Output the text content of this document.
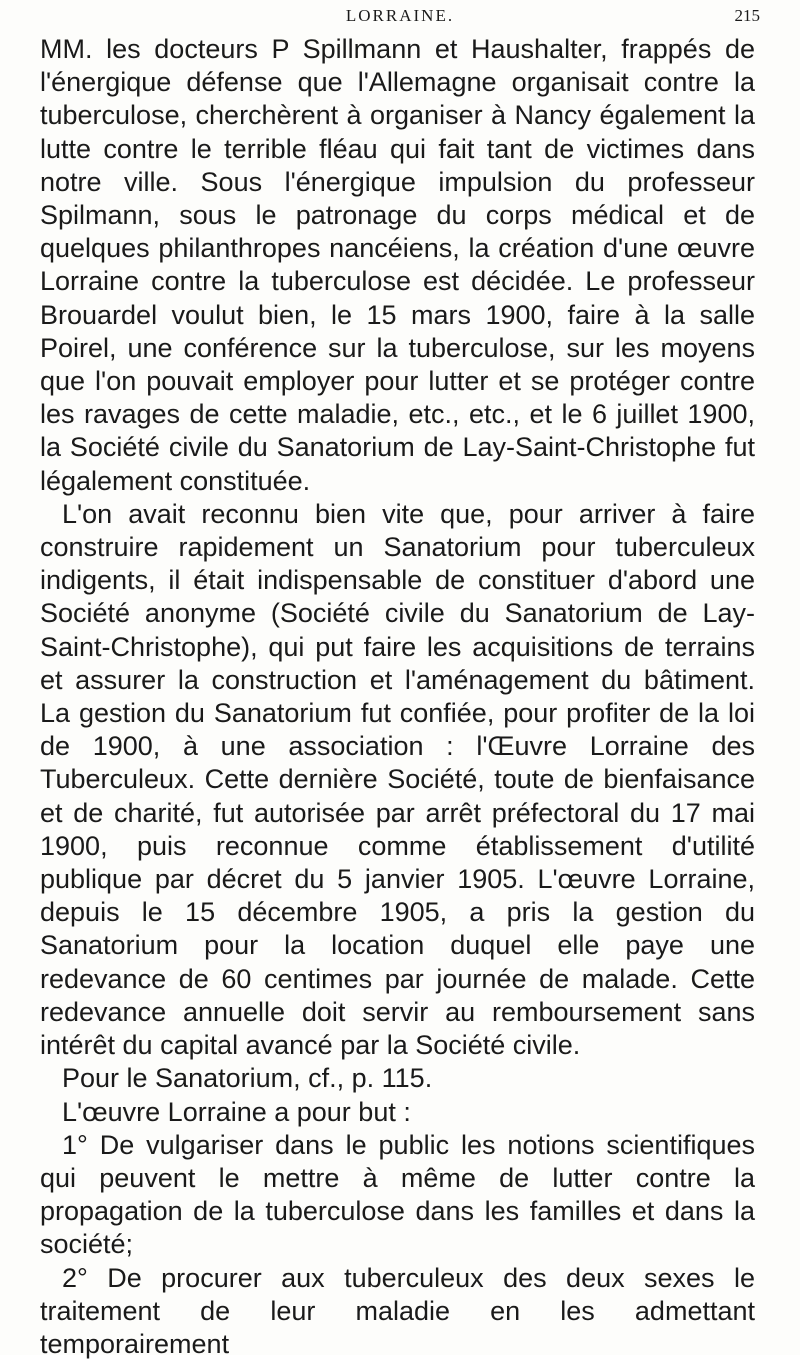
LORRAINE.	215

MM. les docteurs P Spillmann et Haushalter, frappés de l'énergique défense que l'Allemagne organisait contre la tuberculose, cherchèrent à organiser à Nancy également la lutte contre le terrible fléau qui fait tant de victimes dans notre ville. Sous l'énergique impulsion du professeur Spilmann, sous le patronage du corps médical et de quelques philanthropes nancéiens, la création d'une œuvre Lorraine contre la tuberculose est décidée. Le professeur Brouardel voulut bien, le 15 mars 1900, faire à la salle Poirel, une conférence sur la tuberculose, sur les moyens que l'on pouvait employer pour lutter et se protéger contre les ravages de cette maladie, etc., etc., et le 6 juillet 1900, la Société civile du Sanatorium de Lay-Saint-Christophe fut légalement constituée.

L'on avait reconnu bien vite que, pour arriver à faire construire rapidement un Sanatorium pour tuberculeux indigents, il était indispensable de constituer d'abord une Société anonyme (Société civile du Sanatorium de Lay-Saint-Christophe), qui put faire les acquisitions de terrains et assurer la construction et l'aménagement du bâtiment. La gestion du Sanatorium fut confiée, pour profiter de la loi de 1900, à une association : l'Œuvre Lorraine des Tuberculeux. Cette dernière Société, toute de bienfaisance et de charité, fut autorisée par arrêt préfectoral du 17 mai 1900, puis reconnue comme établissement d'utilité publique par décret du 5 janvier 1905. L'œuvre Lorraine, depuis le 15 décembre 1905, a pris la gestion du Sanatorium pour la location duquel elle paye une redevance de 60 centimes par journée de malade. Cette redevance annuelle doit servir au remboursement sans intérêt du capital avancé par la Société civile.

Pour le Sanatorium, cf., p. 115.

L'œuvre Lorraine a pour but :

1° De vulgariser dans le public les notions scientifiques qui peuvent le mettre à même de lutter contre la propagation de la tuberculose dans les familles et dans la société;

2° De procurer aux tuberculeux des deux sexes le traitement de leur maladie en les admettant temporairement
